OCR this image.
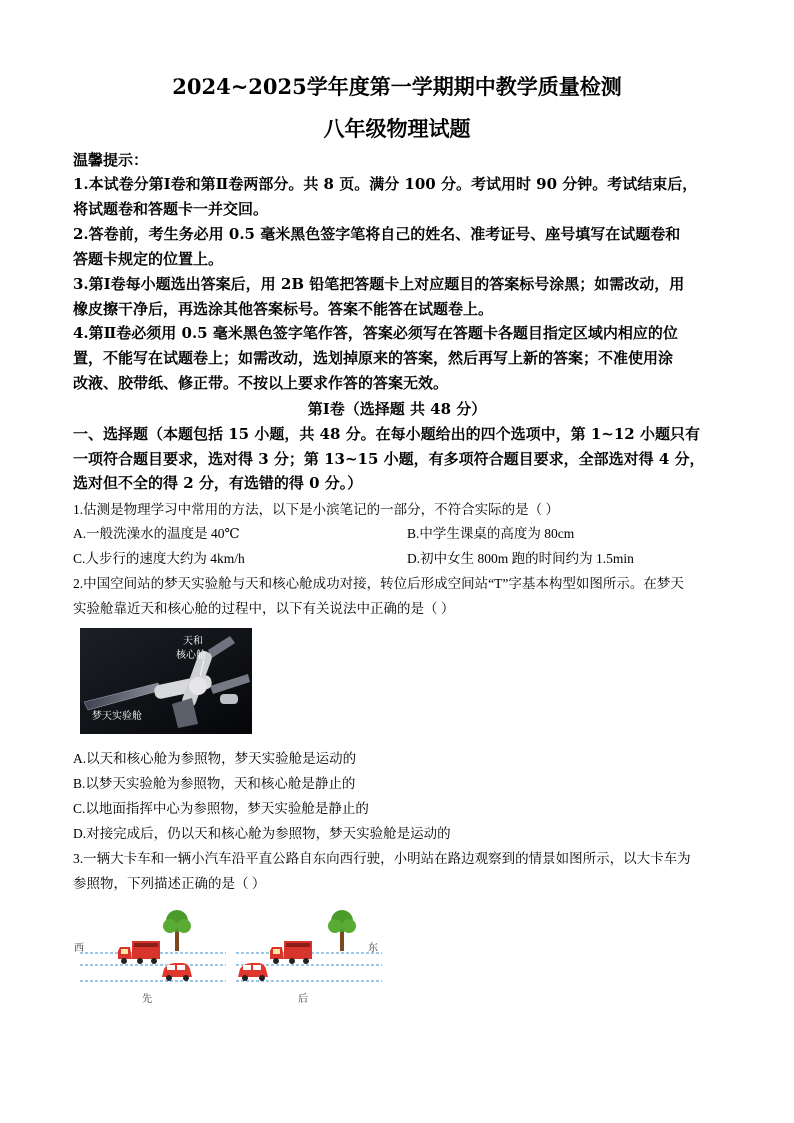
2024~2025学年度第一学期期中教学质量检测
八年级物理试题
温馨提示：
1.本试卷分第Ⅰ卷和第Ⅱ卷两部分。共 8 页。满分 100 分。考试用时 90 分钟。考试结束后，
将试题卷和答题卡一并交回。
2.答卷前，考生务必用 0.5 毫米黑色签字笔将自己的姓名、准考证号、座号填写在试题卷和
答题卡规定的位置上。
3.第Ⅰ卷每小题选出答案后，用 2B 铅笔把答题卡上对应题目的答案标号涂黑；如需改动，用
橡皮擦干净后，再选涂其他答案标号。答案不能答在试题卷上。
4.第Ⅱ卷必须用 0.5 毫米黑色签字笔作答，答案必须写在答题卡各题目指定区域内相应的位
置，不能写在试题卷上；如需改动，选划掉原来的答案，然后再写上新的答案；不准使用涂
改液、胶带纸、修正带。不按以上要求作答的答案无效。
第Ⅰ卷（选择题 共 48 分）
一、选择题（本题包括 15 小题，共 48 分。在每小题给出的四个选项中，第 1~12 小题只有
一项符合题目要求，选对得 3 分；第 13~15 小题，有多项符合题目要求，全部选对得 4 分，
选对但不全的得 2 分，有选错的得 0 分。）
1.估测是物理学习中常用的方法，以下是小滨笔记的一部分，不符合实际的是（ ）
A.一般洗澡水的温度是 40℃	B.中学生课桌的高度为 80cm
C.人步行的速度大约为 4km/h	D.初中女生 800m 跑的时间约为 1.5min
2.中国空间站的梦天实验舱与天和核心舱成功对接，转位后形成空间站“T”字基本构型如图所示。在梦天
实验舱靠近天和核心舱的过程中，以下有关说法中正确的是（ ）
天和
核心舱
梦天实验舱
A.以天和核心舱为参照物，梦天实验舱是运动的
B.以梦天实验舱为参照物，天和核心舱是静止的
C.以地面指挥中心为参照物，梦天实验舱是静止的
D.对接完成后，仍以天和核心舱为参照物，梦天实验舱是运动的
3.一辆大卡车和一辆小汽车沿平直公路自东向西行驶，小明站在路边观察到的情景如图所示，以大卡车为
参照物，下列描述正确的是（ ）
西	东
先	后
